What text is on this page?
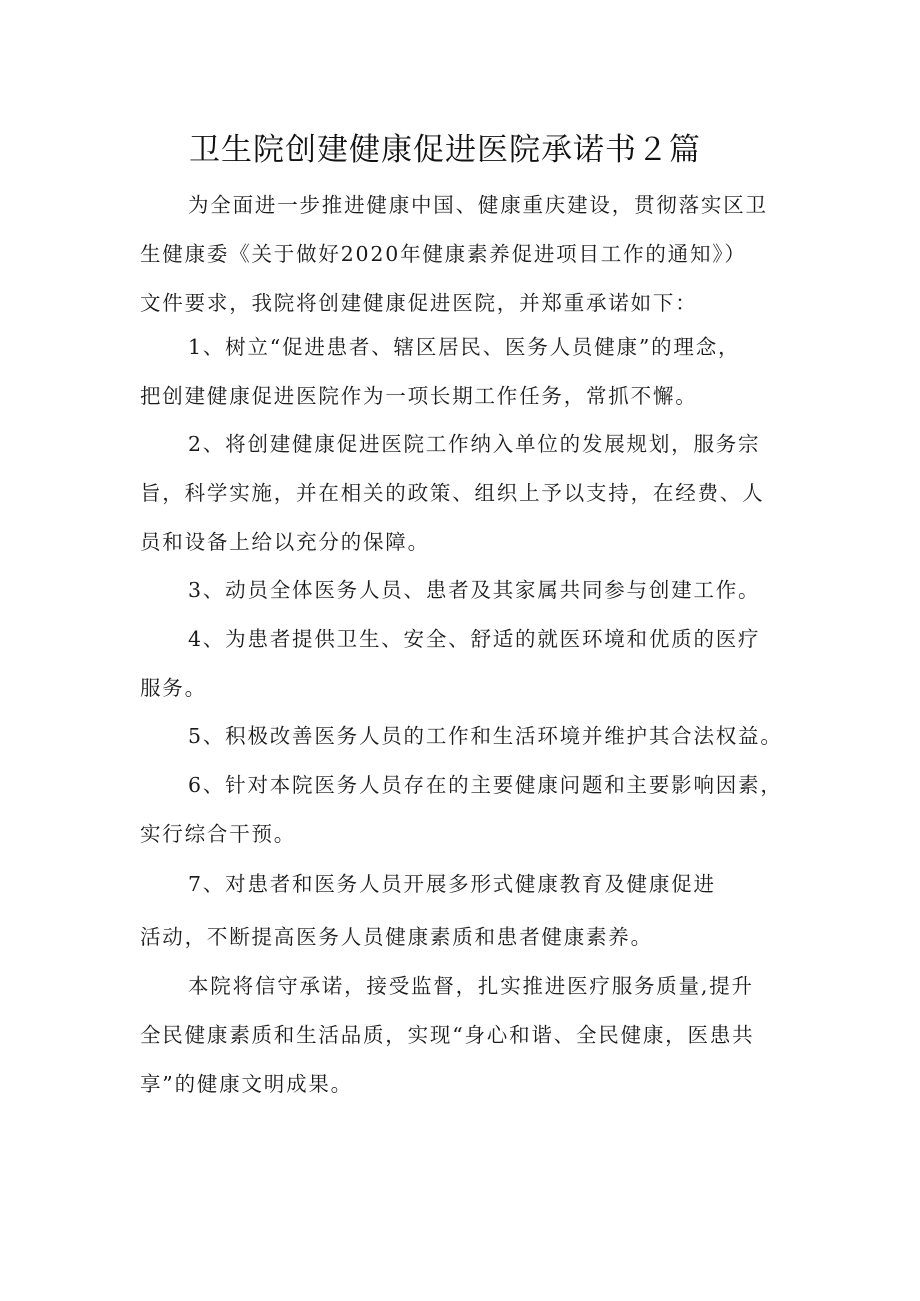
卫生院创建健康促进医院承诺书２篇
为全面进一步推进健康中国、健康重庆建设，贯彻落实区卫
生健康委《关于做好2020年健康素养促进项目工作的通知》）
文件要求，我院将创建健康促进医院，并郑重承诺如下：
1、树立“促进患者、辖区居民、医务人员健康”的理念，
把创建健康促进医院作为一项长期工作任务，常抓不懈。
2、将创建健康促进医院工作纳入单位的发展规划，服务宗
旨，科学实施，并在相关的政策、组织上予以支持，在经费、人
员和设备上给以充分的保障。
3、动员全体医务人员、患者及其家属共同参与创建工作。
4、为患者提供卫生、安全、舒适的就医环境和优质的医疗
服务。
5、积极改善医务人员的工作和生活环境并维护其合法权益。
6、针对本院医务人员存在的主要健康问题和主要影响因素，
实行综合干预。
7、对患者和医务人员开展多形式健康教育及健康促进
活动，不断提高医务人员健康素质和患者健康素养。
本院将信守承诺，接受监督，扎实推进医疗服务质量,提升
全民健康素质和生活品质，实现“身心和谐、全民健康，医患共
享”的健康文明成果。
